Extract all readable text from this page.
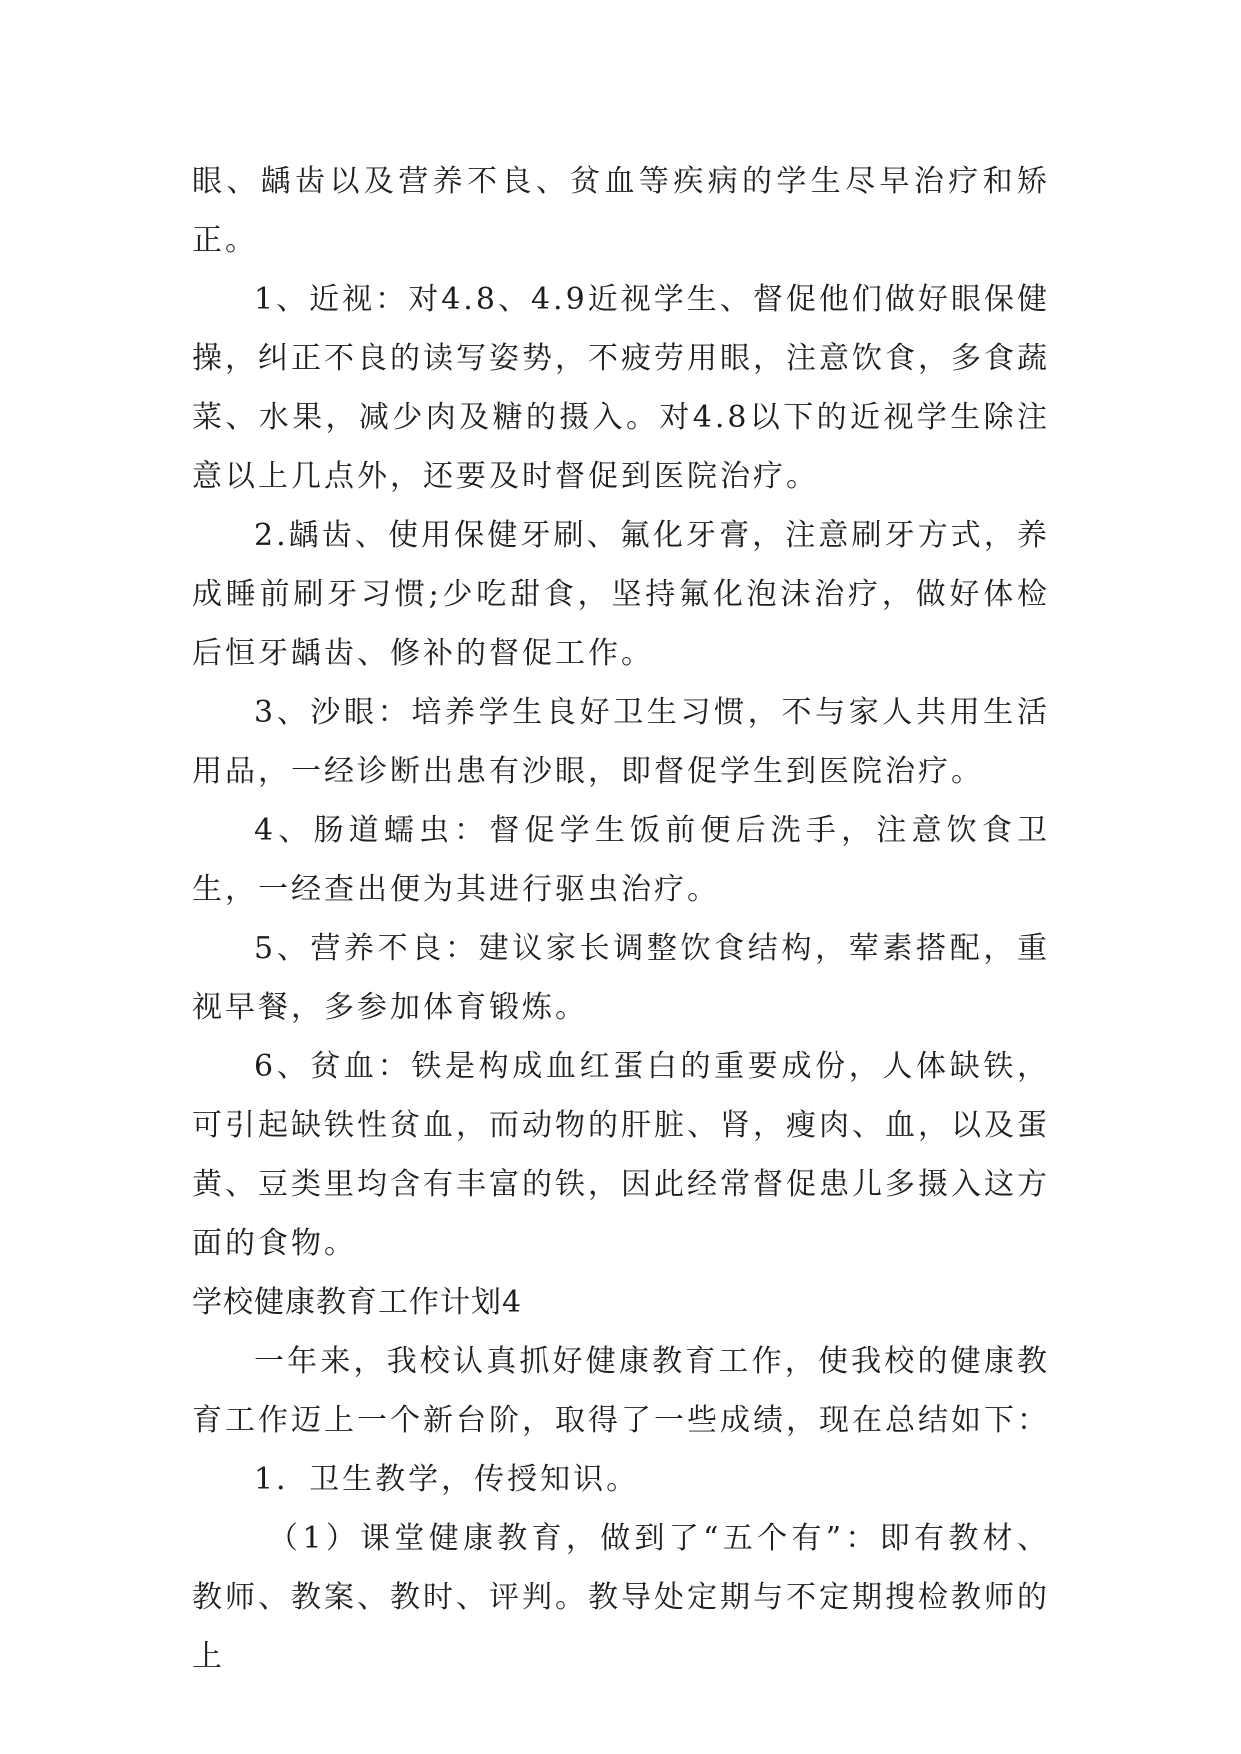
眼、龋齿以及营养不良、贫血等疾病的学生尽早治疗和矫正。

1、近视：对4.8、4.9近视学生、督促他们做好眼保健操，纠正不良的读写姿势，不疲劳用眼，注意饮食，多食蔬菜、水果，减少肉及糖的摄入。对4.8以下的近视学生除注意以上几点外，还要及时督促到医院治疗。

2.龋齿、使用保健牙刷、氟化牙膏，注意刷牙方式，养成睡前刷牙习惯;少吃甜食，坚持氟化泡沫治疗，做好体检后恒牙龋齿、修补的督促工作。

3、沙眼：培养学生良好卫生习惯，不与家人共用生活用品，一经诊断出患有沙眼，即督促学生到医院治疗。

4、肠道蠕虫：督促学生饭前便后洗手，注意饮食卫生，一经查出便为其进行驱虫治疗。

5、营养不良：建议家长调整饮食结构，荤素搭配，重视早餐，多参加体育锻炼。

6、贫血：铁是构成血红蛋白的重要成份，人体缺铁，可引起缺铁性贫血，而动物的肝脏、肾，瘦肉、血，以及蛋黄、豆类里均含有丰富的铁，因此经常督促患儿多摄入这方面的食物。

学校健康教育工作计划4

一年来，我校认真抓好健康教育工作，使我校的健康教育工作迈上一个新台阶，取得了一些成绩，现在总结如下：

1．卫生教学，传授知识。

（1）课堂健康教育，做到了“五个有”：即有教材、教师、教案、教时、评判。教导处定期与不定期搜检教师的上
